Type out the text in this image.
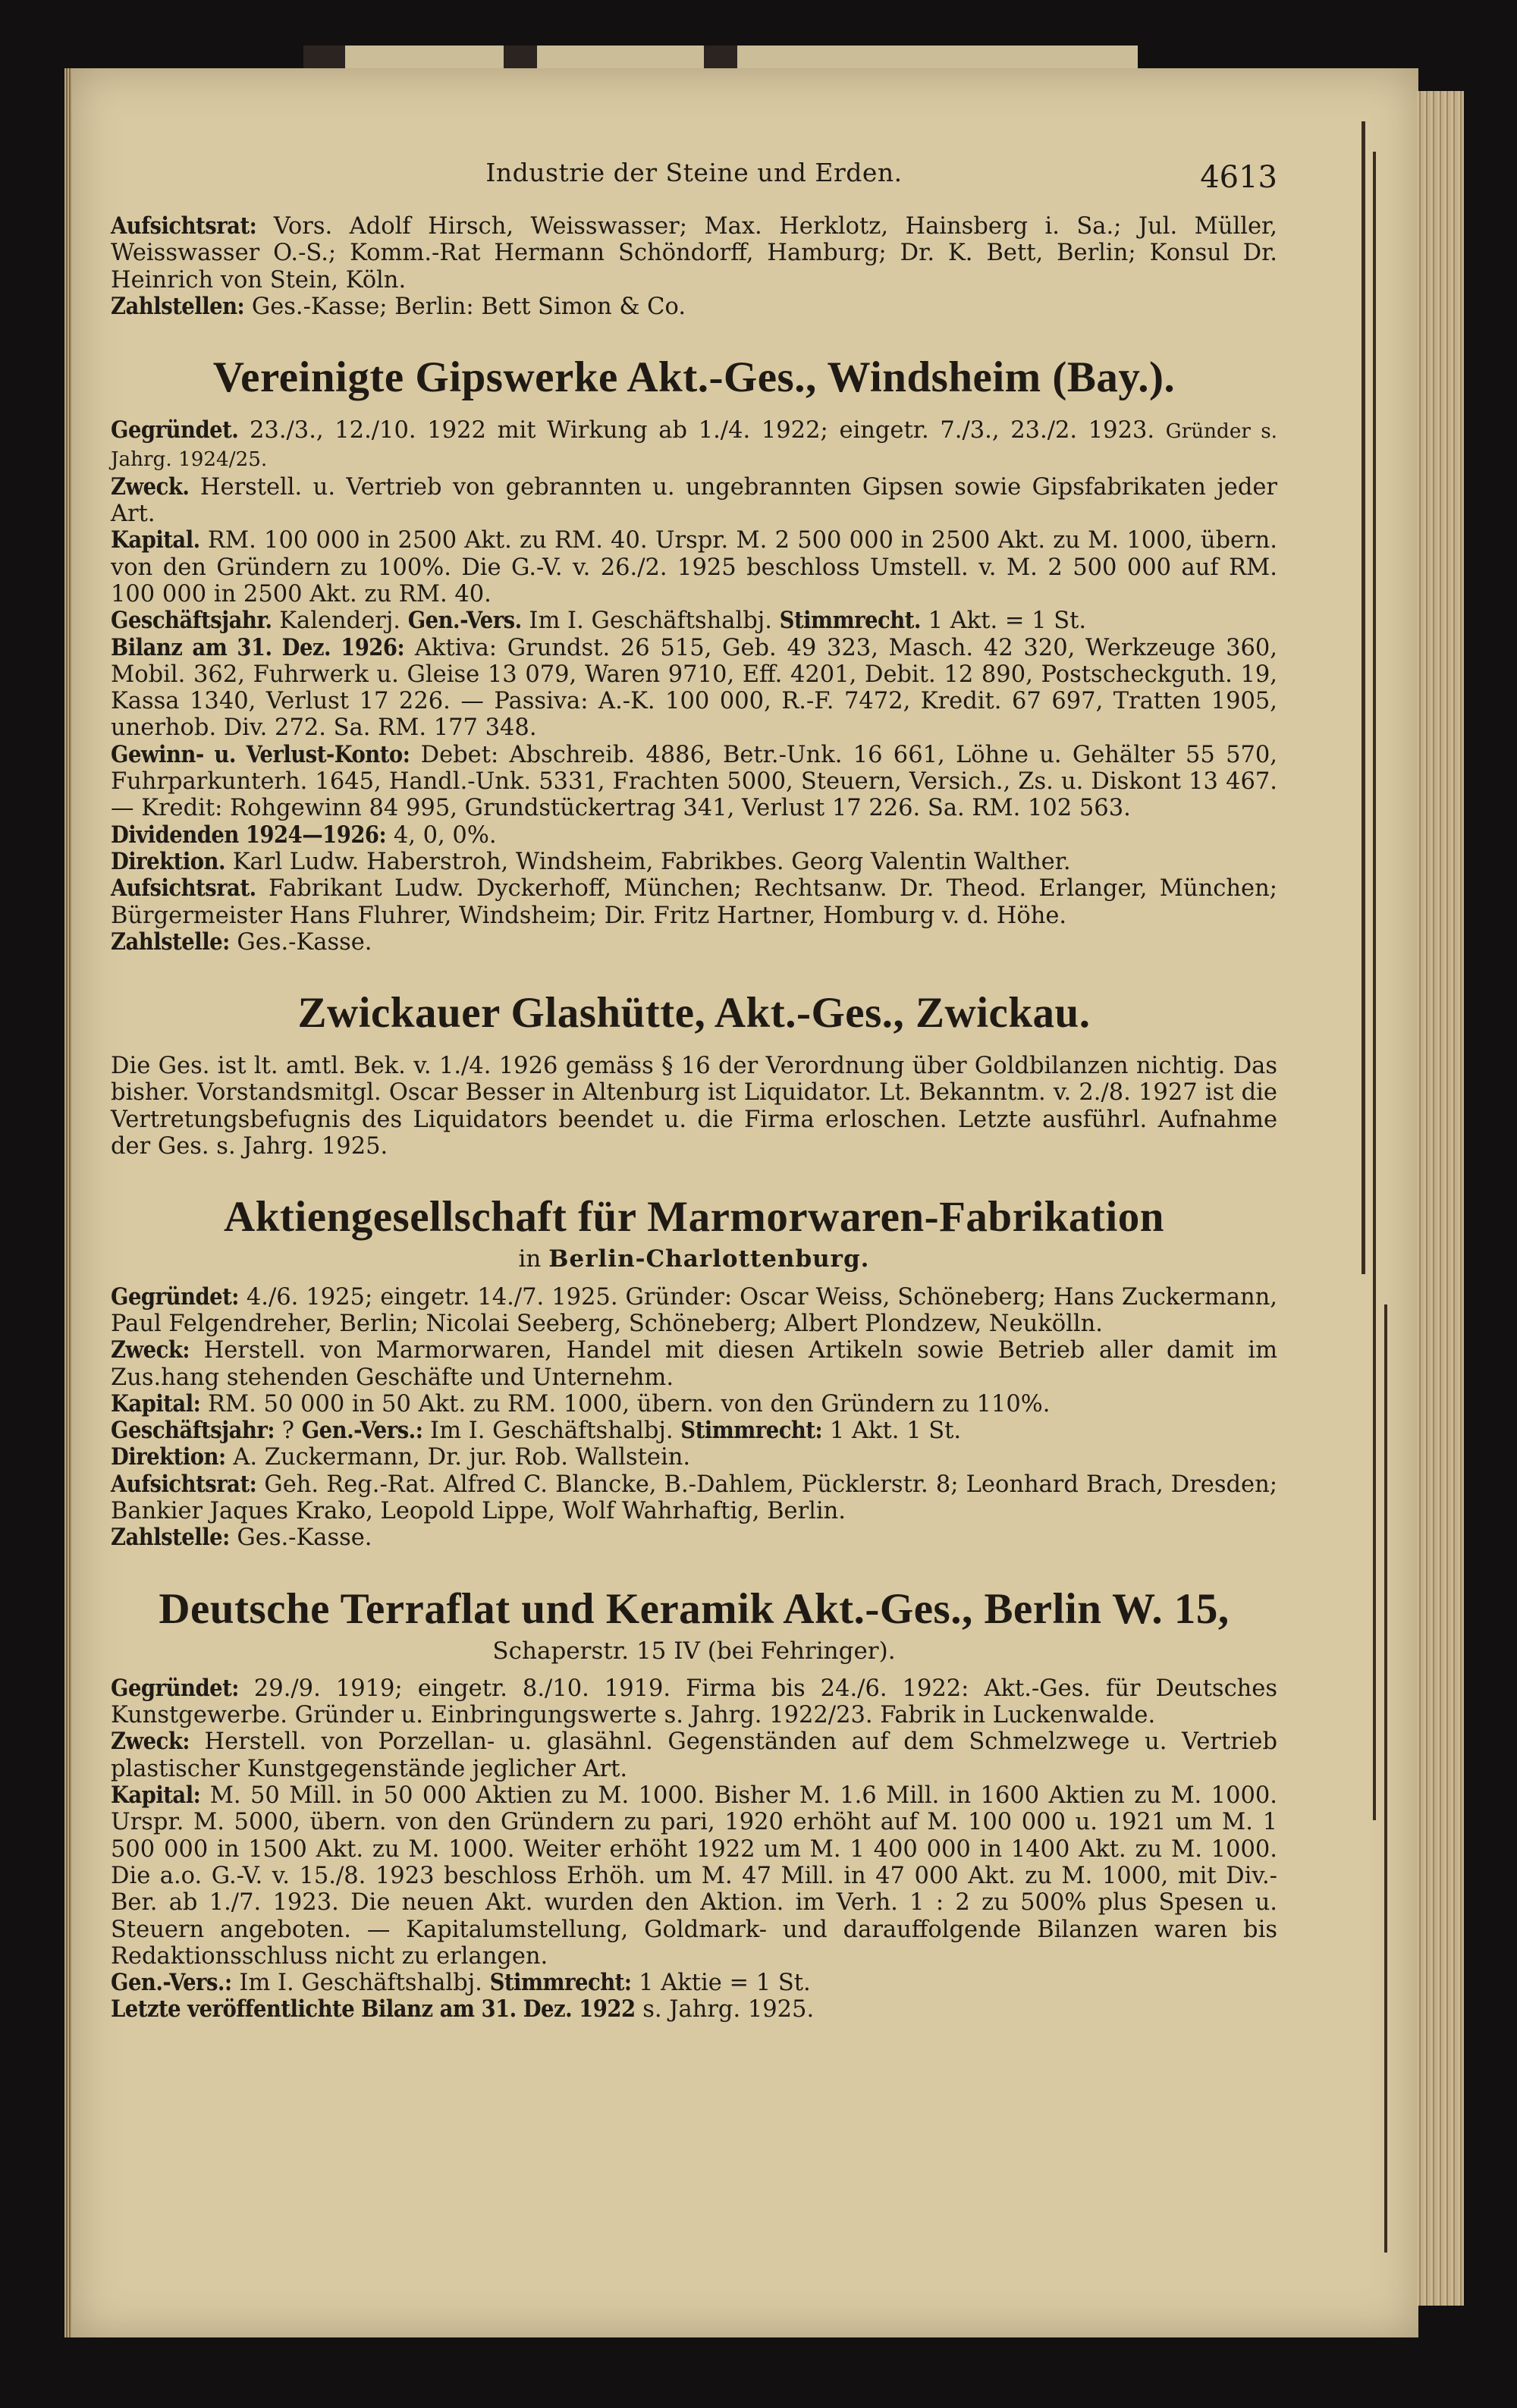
Industrie der Steine und Erden.	4613

Aufsichtsrat: Vors. Adolf Hirsch, Weisswasser; Max. Herklotz, Hainsberg i. Sa.; Jul. Müller, Weisswasser O.-S.; Komm.-Rat Hermann Schöndorff, Hamburg; Dr. K. Bett, Berlin; Konsul Dr. Heinrich von Stein, Köln.

Zahlstellen: Ges.-Kasse; Berlin: Bett Simon & Co.

Vereinigte Gipswerke Akt.-Ges., Windsheim (Bay.).

Gegründet. 23./3., 12./10. 1922 mit Wirkung ab 1./4. 1922; eingetr. 7./3., 23./2. 1923. Gründer s. Jahrg. 1924/25.

Zweck. Herstell. u. Vertrieb von gebrannten u. ungebrannten Gipsen sowie Gipsfabrikaten jeder Art.

Kapital. RM. 100 000 in 2500 Akt. zu RM. 40. Urspr. M. 2 500 000 in 2500 Akt. zu M. 1000, übern. von den Gründern zu 100%. Die G.-V. v. 26./2. 1925 beschloss Umstell. v. M. 2 500 000 auf RM. 100 000 in 2500 Akt. zu RM. 40.

Geschäftsjahr. Kalenderj. Gen.-Vers. Im I. Geschäftshalbj. Stimmrecht. 1 Akt. = 1 St.

Bilanz am 31. Dez. 1926: Aktiva: Grundst. 26 515, Geb. 49 323, Masch. 42 320, Werkzeuge 360, Mobil. 362, Fuhrwerk u. Gleise 13 079, Waren 9710, Eff. 4201, Debit. 12 890, Postscheckguth. 19, Kassa 1340, Verlust 17 226. — Passiva: A.-K. 100 000, R.-F. 7472, Kredit. 67 697, Tratten 1905, unerhob. Div. 272. Sa. RM. 177 348.

Gewinn- u. Verlust-Konto: Debet: Abschreib. 4886, Betr.-Unk. 16 661, Löhne u. Gehälter 55 570, Fuhrparkunterh. 1645, Handl.-Unk. 5331, Frachten 5000, Steuern, Versich., Zs. u. Diskont 13 467. — Kredit: Rohgewinn 84 995, Grundstückertrag 341, Verlust 17 226. Sa. RM. 102 563.

Dividenden 1924—1926: 4, 0, 0%.

Direktion. Karl Ludw. Haberstroh, Windsheim, Fabrikbes. Georg Valentin Walther.

Aufsichtsrat. Fabrikant Ludw. Dyckerhoff, München; Rechtsanw. Dr. Theod. Erlanger, München; Bürgermeister Hans Fluhrer, Windsheim; Dir. Fritz Hartner, Homburg v. d. Höhe.

Zahlstelle: Ges.-Kasse.

Zwickauer Glashütte, Akt.-Ges., Zwickau.

Die Ges. ist lt. amtl. Bek. v. 1./4. 1926 gemäss § 16 der Verordnung über Goldbilanzen nichtig. Das bisher. Vorstandsmitgl. Oscar Besser in Altenburg ist Liquidator. Lt. Bekanntm. v. 2./8. 1927 ist die Vertretungsbefugnis des Liquidators beendet u. die Firma erloschen. Letzte ausführl. Aufnahme der Ges. s. Jahrg. 1925.

Aktiengesellschaft für Marmorwaren-Fabrikation
in Berlin-Charlottenburg.

Gegründet: 4./6. 1925; eingetr. 14./7. 1925. Gründer: Oscar Weiss, Schöneberg; Hans Zuckermann, Paul Felgendreher, Berlin; Nicolai Seeberg, Schöneberg; Albert Plondzew, Neukölln.

Zweck: Herstell. von Marmorwaren, Handel mit diesen Artikeln sowie Betrieb aller damit im Zus.hang stehenden Geschäfte und Unternehm.

Kapital: RM. 50 000 in 50 Akt. zu RM. 1000, übern. von den Gründern zu 110%.

Geschäftsjahr: ? Gen.-Vers.: Im I. Geschäftshalbj. Stimmrecht: 1 Akt. 1 St.

Direktion: A. Zuckermann, Dr. jur. Rob. Wallstein.

Aufsichtsrat: Geh. Reg.-Rat. Alfred C. Blancke, B.-Dahlem, Pücklerstr. 8; Leonhard Brach, Dresden; Bankier Jaques Krako, Leopold Lippe, Wolf Wahrhaftig, Berlin.

Zahlstelle: Ges.-Kasse.

Deutsche Terraflat und Keramik Akt.-Ges., Berlin W. 15,
Schaperstr. 15 IV (bei Fehringer).

Gegründet: 29./9. 1919; eingetr. 8./10. 1919. Firma bis 24./6. 1922: Akt.-Ges. für Deutsches Kunstgewerbe. Gründer u. Einbringungswerte s. Jahrg. 1922/23. Fabrik in Luckenwalde.

Zweck: Herstell. von Porzellan- u. glasähnl. Gegenständen auf dem Schmelzwege u. Vertrieb plastischer Kunstgegenstände jeglicher Art.

Kapital: M. 50 Mill. in 50 000 Aktien zu M. 1000. Bisher M. 1.6 Mill. in 1600 Aktien zu M. 1000. Urspr. M. 5000, übern. von den Gründern zu pari, 1920 erhöht auf M. 100 000 u. 1921 um M. 1 500 000 in 1500 Akt. zu M. 1000. Weiter erhöht 1922 um M. 1 400 000 in 1400 Akt. zu M. 1000. Die a.o. G.-V. v. 15./8. 1923 beschloss Erhöh. um M. 47 Mill. in 47 000 Akt. zu M. 1000, mit Div.-Ber. ab 1./7. 1923. Die neuen Akt. wurden den Aktion. im Verh. 1 : 2 zu 500% plus Spesen u. Steuern angeboten. — Kapitalumstellung, Goldmark- und darauffolgende Bilanzen waren bis Redaktionsschluss nicht zu erlangen.

Gen.-Vers.: Im I. Geschäftshalbj. Stimmrecht: 1 Aktie = 1 St.

Letzte veröffentlichte Bilanz am 31. Dez. 1922 s. Jahrg. 1925.
